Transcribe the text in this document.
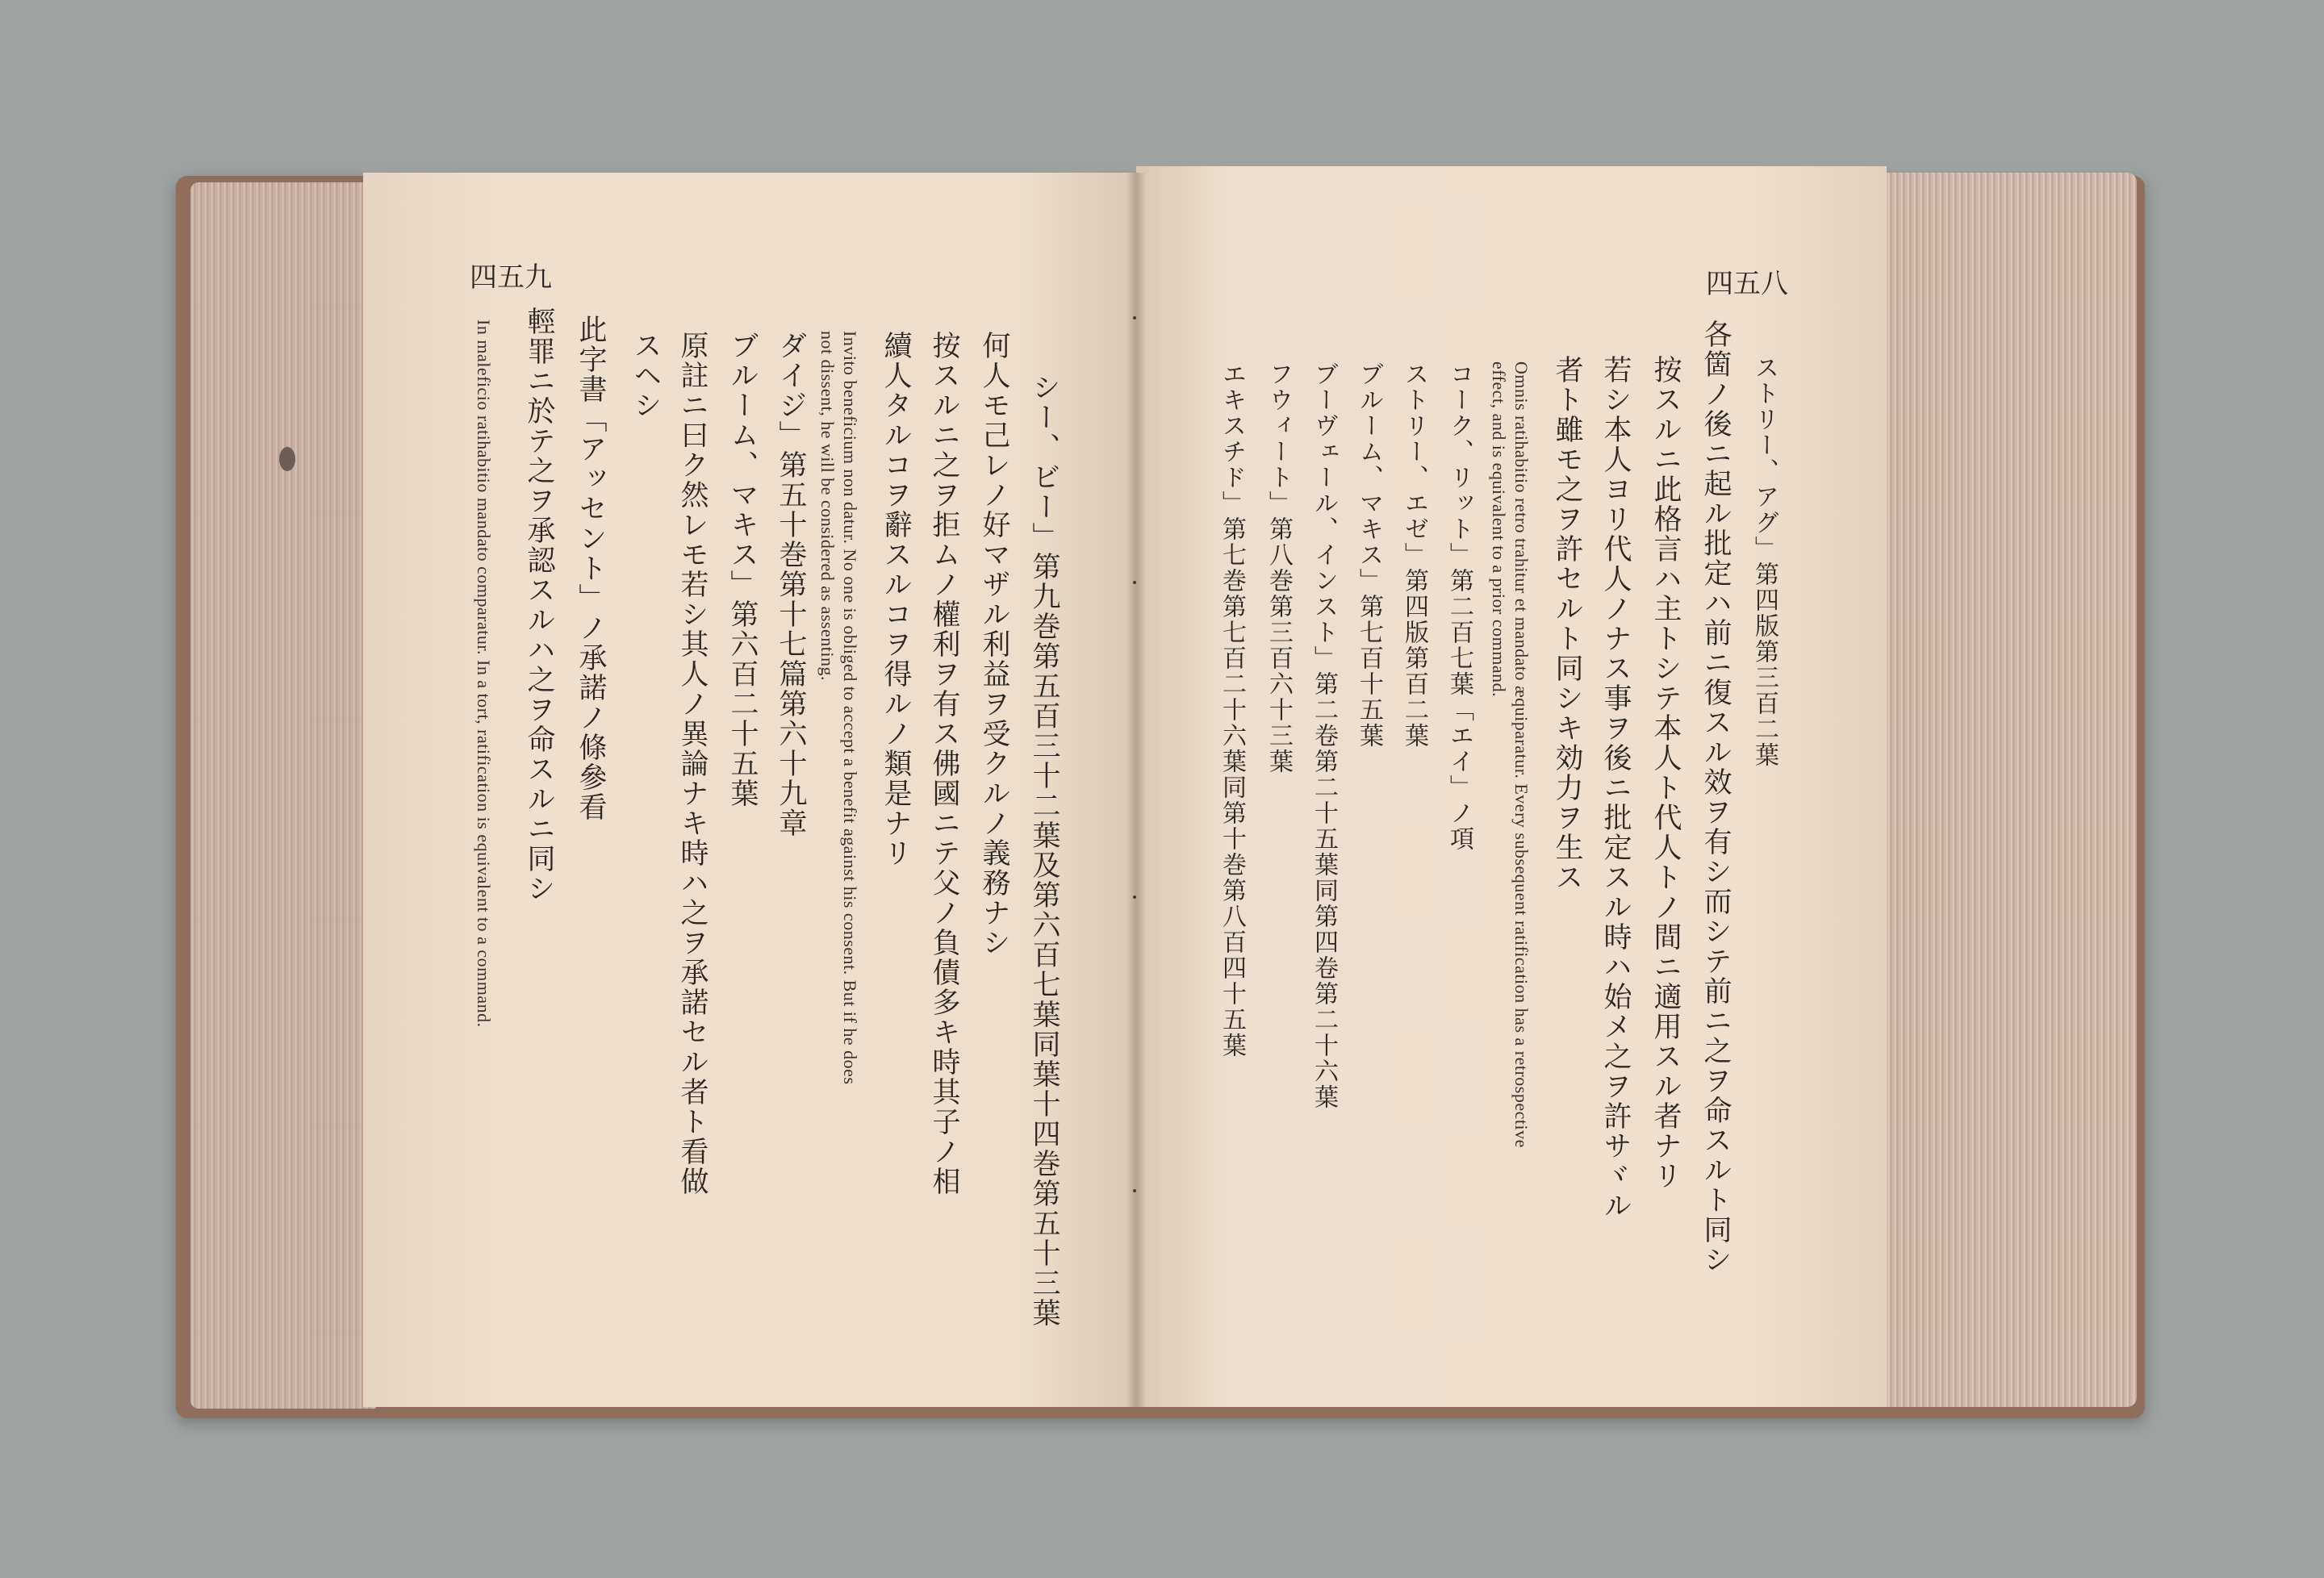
四五九
シー、ビー」第九巻第五百三十二葉及第六百七葉同葉十四巻第五十三葉
何人モ己レノ好マザル利益ヲ受クルノ義務ナシ
按スルニ之ヲ拒ムノ權利ヲ有ス佛國ニテ父ノ負債多キ時其子ノ相
續人タルコヲ辭スルコヲ得ルノ類是ナリ
Invito beneficium non datur. No one is obliged to accept a benefit against his consent. But if he does
not dissent, he will be considered as assenting.
ダイジ」第五十巻第十七篇第六十九章
ブルーム、マキス」第六百二十五葉
原註ニ曰ク然レモ若シ其人ノ異論ナキ時ハ之ヲ承諾セル者ト看做
スヘシ
此字書「アッセント」ノ承諾ノ條參看
輕罪ニ於テ之ヲ承認スルハ之ヲ命スルニ同シ
In maleficio ratihabitio mandato comparatur. In a tort, ratification is equivalent to a command.
四五八
ストリー、アグ」第四版第三百二葉
各箇ノ後ニ起ル批定ハ前ニ復スル效ヲ有シ而シテ前ニ之ヲ命スルト同シ
按スルニ此格言ハ主トシテ本人ト代人トノ間ニ適用スル者ナリ
若シ本人ヨリ代人ノナス事ヲ後ニ批定スル時ハ始メ之ヲ許サヾル
者ト雖モ之ヲ許セルト同シキ効力ヲ生ス
Omnis ratihabitio retro trahitur et mandato æquiparatur. Every subsequent ratification has a retrospective
effect, and is equivalent to a prior command.
コーク、リット」第二百七葉「エイ」ノ項
ストリー、エゼ」第四版第百二葉
ブルーム、マキス」第七百十五葉
ブーヴェール、インスト」第二卷第二十五葉同第四卷第二十六葉
フウィート」第八巻第三百六十三葉
エキスチド」第七巻第七百二十六葉同第十巻第八百四十五葉
